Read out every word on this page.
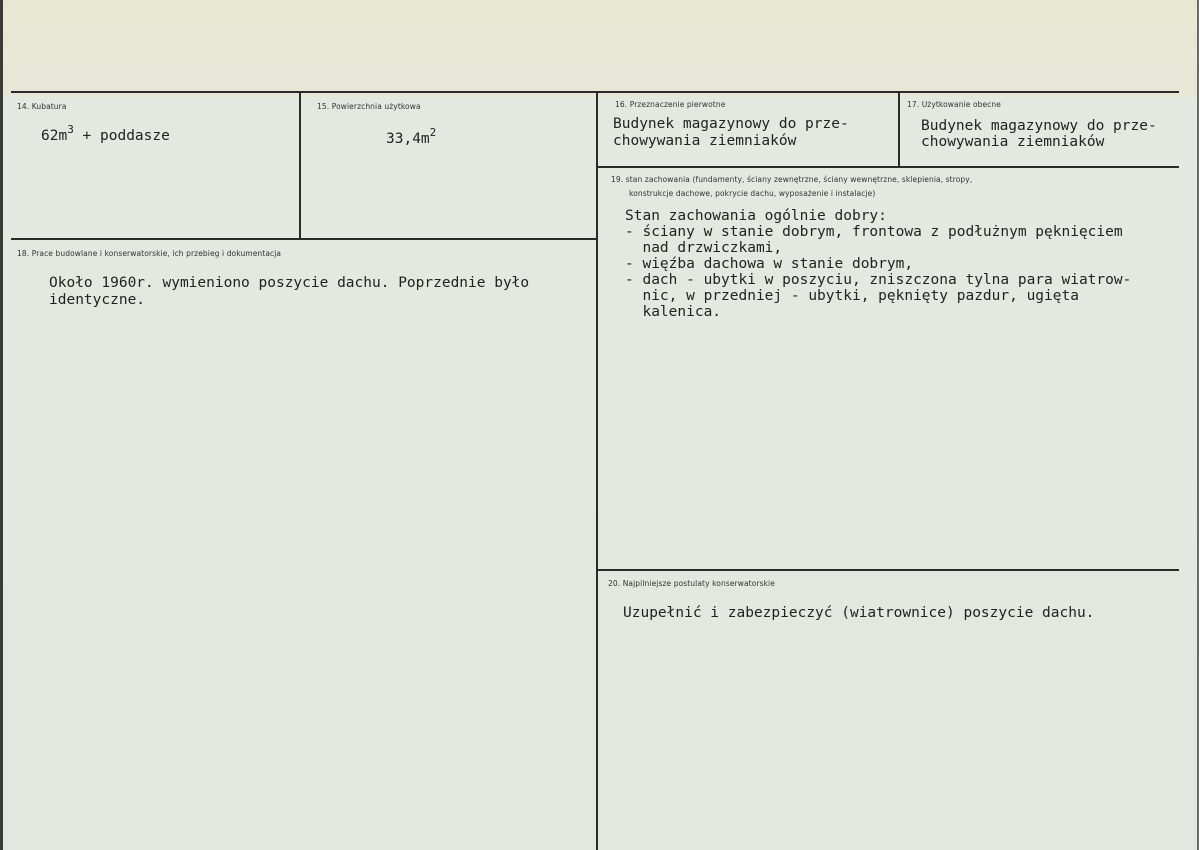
14. Kubatura
$62m^3$ + poddasze
15. Powierzchnia użytkowa
$33,4m^2$
16. Przeznaczenie pierwotne
Budynek magazynowy do prze-
chowywania ziemniaków
17. Użytkowanie obecne
Budynek magazynowy do prze-
chowywania ziemniaków
18. Prace budowlane i konserwatorskie, ich przebieg i dokumentacja
Około 1960r. wymieniono poszycie dachu. Poprzednie było
identyczne.
19. stan zachowania (fundamenty, ściany zewnętrzne, ściany wewnętrzne, sklepienia, stropy,
konstrukcje dachowe, pokrycie dachu, wyposażenie i instalacje)
Stan zachowania ogólnie dobry:
- ściany w stanie dobrym, frontowa z podłużnym pęknięciem
nad drzwiczkami,
- więźba dachowa w stanie dobrym,
- dach - ubytki w poszyciu, zniszczona tylna para wiatrow-
nic, w przedniej - ubytki, pęknięty pazdur, ugięta
kalenica.
20. Najpilniejsze postulaty konserwatorskie
Uzupełnić i zabezpieczyć (wiatrownice) poszycie dachu.
